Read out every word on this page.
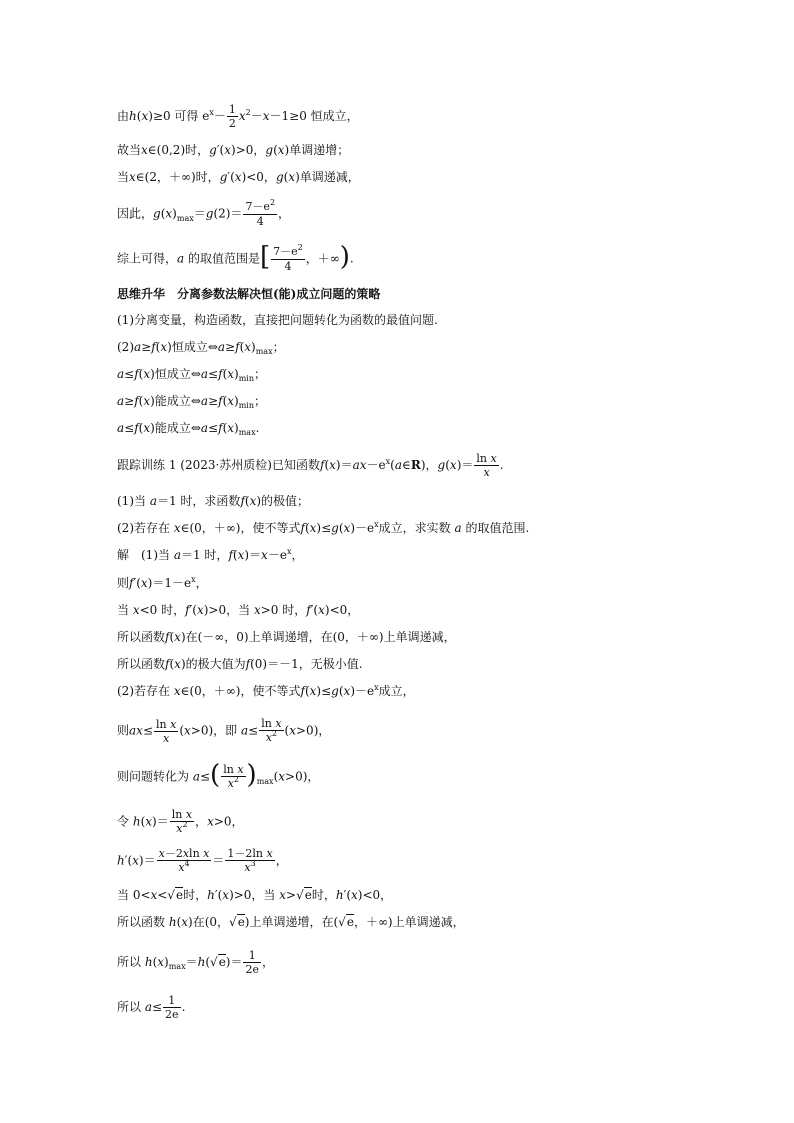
由h(x)≥0 可得 $e^x- \frac{1}{2} x^2-x-1\ge 0$ 恒成立，
故当x∈(0,2)时，g′(x)>0，g(x)单调递增；
当x∈(2，＋∞)时，g′(x)<0，g(x)单调递减，
因此，$g(x)_{max}=g(2)= \frac{7-e^2}{4}$ ，
综上可得，a 的取值范围是[ $\frac{7-e^2}{4}$ ，＋∞).
思维升华　分离参数法解决恒(能)成立问题的策略
(1)分离变量，构造函数，直接把问题转化为函数的最值问题.
(2)a≥f(x)恒成立$\Leftrightarrow a\ge f(x)_{max}$；
a≤f(x)恒成立$\Leftrightarrow a\le f(x)_{min}$；
a≥f(x)能成立$\Leftrightarrow a\ge f(x)_{min}$；
a≤f(x)能成立$\Leftrightarrow a\le f(x)_{max}$.
跟踪训练 1 (2023·苏州质检)已知函数$f(x)=ax-e^x(a\in R)$，$g(x)= \frac{\text{ln x}}{x}$ .
(1)当 a＝1 时，求函数f(x)的极值；
(2)若存在 x∈(0，＋∞)，使不等式$f(x)\le g(x)-e^x$成立，求实数 a 的取值范围.
解　(1)当 a＝1 时，$f(x)=x-e^x$，
则$f'(x)=1-e^x$，
当 x<0 时，f′(x)>0，当 x>0 时，f′(x)<0，
所以函数f(x)在(－∞，0)上单调递增，在(0，＋∞)上单调递减，
所以函数f(x)的极大值为f(0)＝－1，无极小值.
(2)若存在 x∈(0，＋∞)，使不等式$f(x)\le g(x)-e^x$成立，
则$ax\le \frac{\text{ln x}}{x} (x>0)$，即 $a\le \frac{\text{ln x}}{x^2} (x>0)$，
则问题转化为 $a\le( \frac{\text{ln x}}{x^2} )_{max}(x>0)$，
令 $h(x)= \frac{\text{ln x}}{x^2}$ ，x>0，
$h'(x)= \frac{\text{x－2xln x}}{x^4} = \frac{\text{1－2ln x}}{x^3}$ ，
当 0<x<√e时，h′(x)>0，当 x>√e时，h′(x)<0，
所以函数 h(x)在(0，√e)上单调递增，在(√e，＋∞)上单调递减，
所以 $h(x)_{max}=h(√e)= \frac{1}{2e}$ ，
所以 $a\le \frac{1}{2e}$ .
